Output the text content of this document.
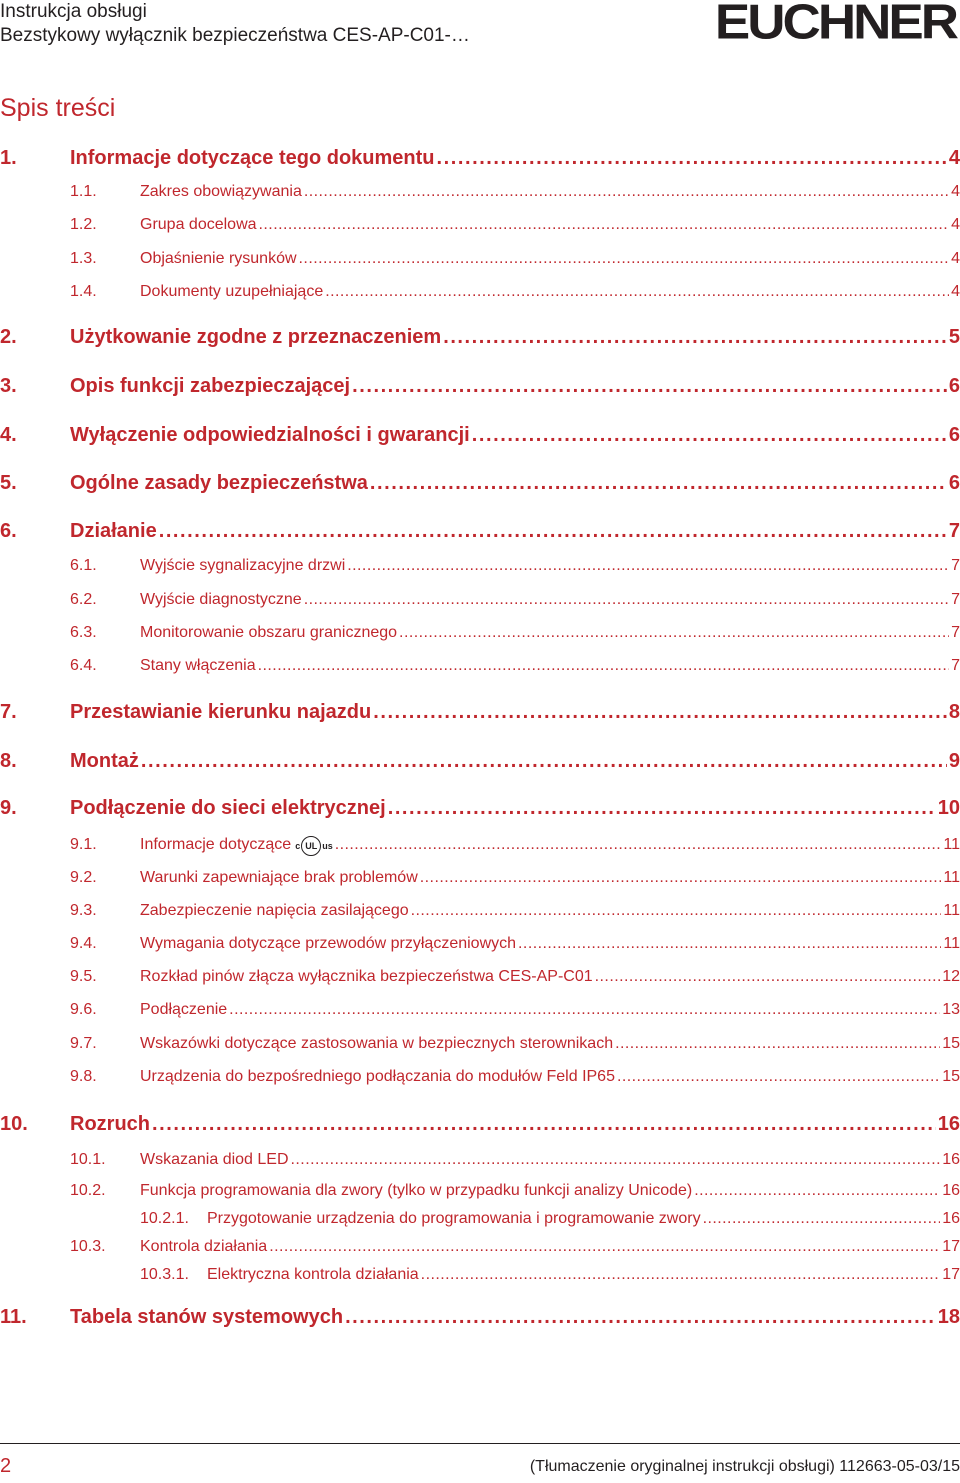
Instrukcja obsługi
Bezstykowy wyłącznik bezpieczeństwa CES-AP-C01-…	EUCHNER
Spis treści
1.	Informacje dotyczące tego dokumentu . . .	4
1.1.	Zakres obowiązywania . . .	4
1.2.	Grupa docelowa . . .	4
1.3.	Objaśnienie rysunków . . .	4
1.4.	Dokumenty uzupełniające . . .	4
2.	Użytkowanie zgodne z przeznaczeniem . . .	5
3.	Opis funkcji zabezpieczającej . . .	6
4.	Wyłączenie odpowiedzialności i gwarancji . . .	6
5.	Ogólne zasady bezpieczeństwa . . .	6
6.	Działanie . . .	7
6.1.	Wyjście sygnalizacyjne drzwi . . .	7
6.2.	Wyjście diagnostyczne . . .	7
6.3.	Monitorowanie obszaru granicznego . . .	7
6.4.	Stany włączenia . . .	7
7.	Przestawianie kierunku najazdu . . .	8
8.	Montaż . . .	9
9.	Podłączenie do sieci elektrycznej . . .	10
9.1.	Informacje dotyczące c UL us . . .	11
9.2.	Warunki zapewniające brak problemów . . .	11
9.3.	Zabezpieczenie napięcia zasilającego . . .	11
9.4.	Wymagania dotyczące przewodów przyłączeniowych . . .	11
9.5.	Rozkład pinów złącza wyłącznika bezpieczeństwa CES-AP-C01 . . .	12
9.6.	Podłączenie . . .	13
9.7.	Wskazówki dotyczące zastosowania w bezpiecznych sterownikach . . .	15
9.8.	Urządzenia do bezpośredniego podłączania do modułów Feld IP65 . . .	15
10.	Rozruch . . .	16
10.1.	Wskazania diod LED . . .	16
10.2.	Funkcja programowania dla zwory (tylko w przypadku funkcji analizy Unicode) . . .	16
10.2.1.	Przygotowanie urządzenia do programowania i programowanie zwory . . .	16
10.3.	Kontrola działania . . .	17
10.3.1.	Elektryczna kontrola działania . . .	17
11.	Tabela stanów systemowych . . .	18
2	(Tłumaczenie oryginalnej instrukcji obsługi) 112663-05-03/15
